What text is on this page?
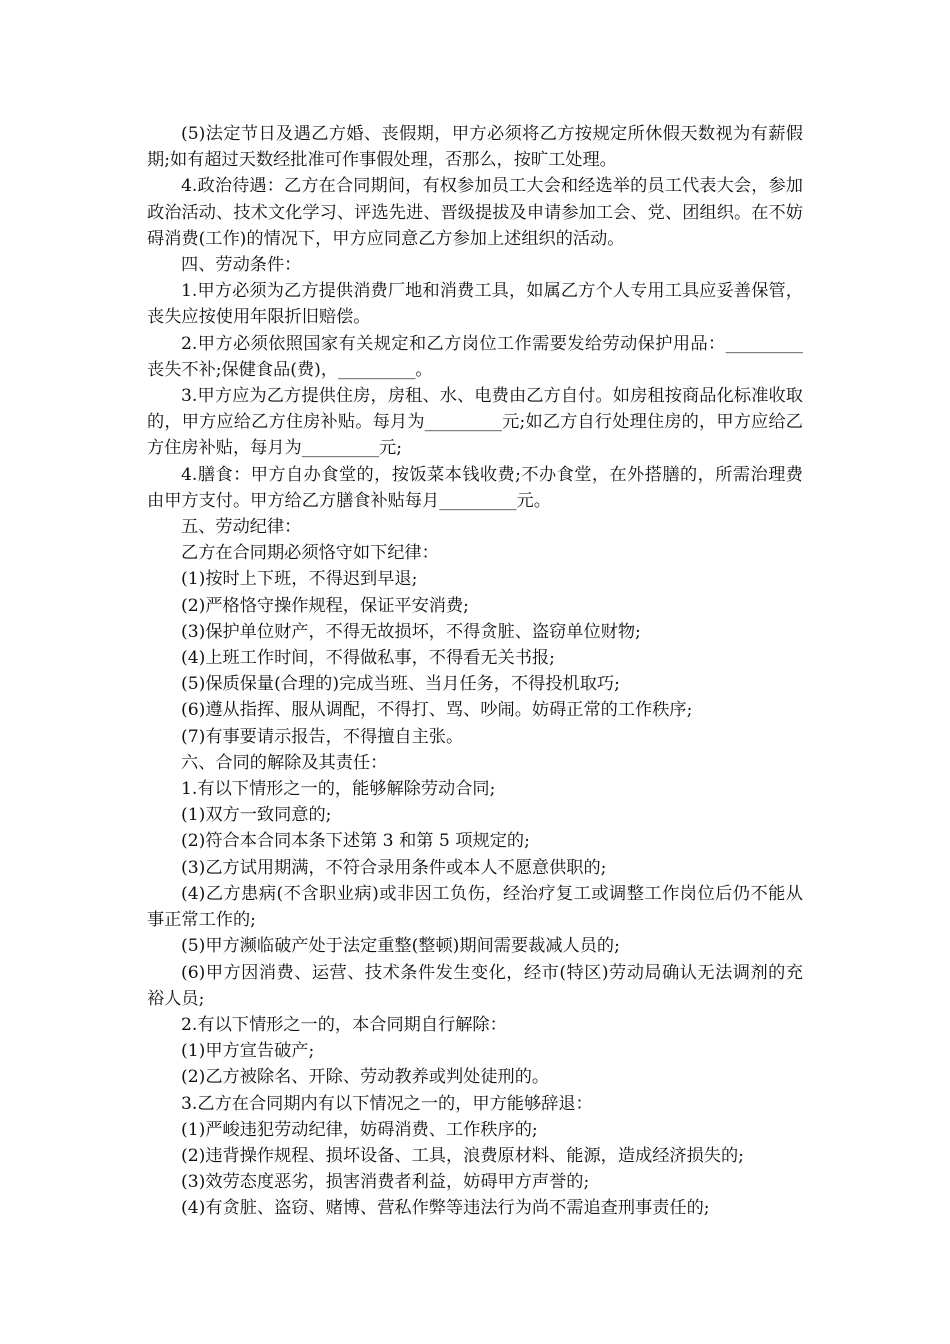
(5)法定节日及遇乙方婚、丧假期，甲方必须将乙方按规定所休假天数视为有薪假期;如有超过天数经批准可作事假处理，否那么，按旷工处理。

4.政治待遇：乙方在合同期间，有权参加员工大会和经选举的员工代表大会，参加政治活动、技术文化学习、评选先进、晋级提拔及申请参加工会、党、团组织。在不妨碍消费(工作)的情况下，甲方应同意乙方参加上述组织的活动。

四、劳动条件：

1.甲方必须为乙方提供消费厂地和消费工具，如属乙方个人专用工具应妥善保管，丧失应按使用年限折旧赔偿。

2.甲方必须依照国家有关规定和乙方岗位工作需要发给劳动保护用品：_________丧失不补;保健食品(费)，_________。

3.甲方应为乙方提供住房，房租、水、电费由乙方自付。如房租按商品化标准收取的，甲方应给乙方住房补贴。每月为_________元;如乙方自行处理住房的，甲方应给乙方住房补贴，每月为_________元;

4.膳食：甲方自办食堂的，按饭菜本钱收费;不办食堂，在外搭膳的，所需治理费由甲方支付。甲方给乙方膳食补贴每月_________元。

五、劳动纪律：

乙方在合同期必须恪守如下纪律：

(1)按时上下班，不得迟到早退;

(2)严格恪守操作规程，保证平安消费;

(3)保护单位财产，不得无故损坏，不得贪脏、盗窃单位财物;

(4)上班工作时间，不得做私事，不得看无关书报;

(5)保质保量(合理的)完成当班、当月任务，不得投机取巧;

(6)遵从指挥、服从调配，不得打、骂、吵闹。妨碍正常的工作秩序;

(7)有事要请示报告，不得擅自主张。

六、合同的解除及其责任：

1.有以下情形之一的，能够解除劳动合同;

(1)双方一致同意的;

(2)符合本合同本条下述第 3 和第 5 项规定的;

(3)乙方试用期满，不符合录用条件或本人不愿意供职的;

(4)乙方患病(不含职业病)或非因工负伤，经治疗复工或调整工作岗位后仍不能从事正常工作的;

(5)甲方濒临破产处于法定重整(整顿)期间需要裁减人员的;

(6)甲方因消费、运营、技术条件发生变化，经市(特区)劳动局确认无法调剂的充裕人员;

2.有以下情形之一的，本合同期自行解除：

(1)甲方宣告破产;

(2)乙方被除名、开除、劳动教养或判处徒刑的。

3.乙方在合同期内有以下情况之一的，甲方能够辞退：

(1)严峻违犯劳动纪律，妨碍消费、工作秩序的;

(2)违背操作规程、损坏设备、工具，浪费原材料、能源，造成经济损失的;

(3)效劳态度恶劣，损害消费者利益，妨碍甲方声誉的;

(4)有贪脏、盗窃、赌博、营私作弊等违法行为尚不需追查刑事责任的;
